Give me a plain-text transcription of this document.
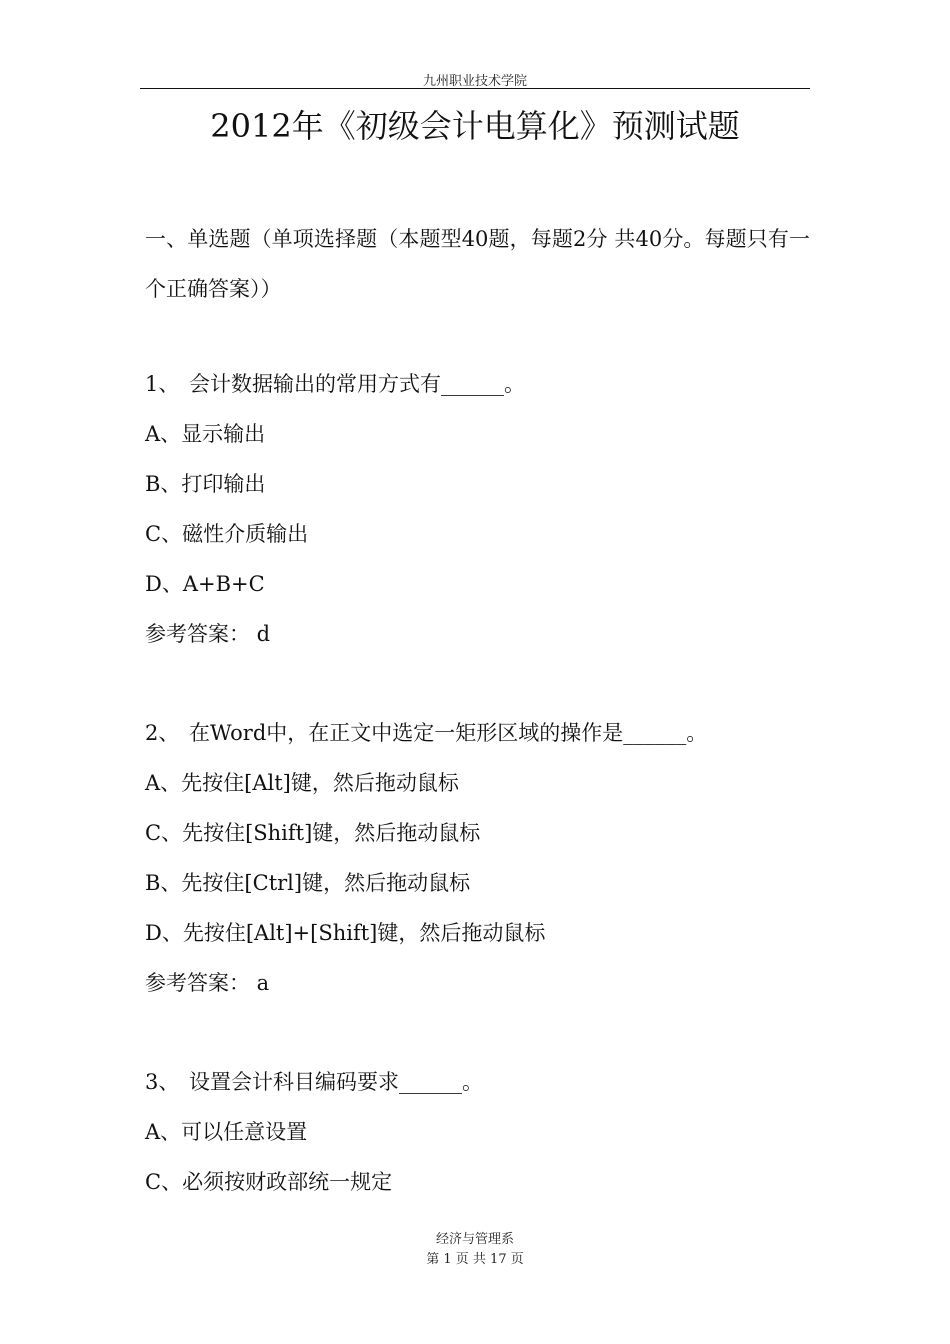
九州职业技术学院
2012年《初级会计电算化》预测试题
一、单选题（单项选择题（本题型40题，每题2分 共40分。每题只有一个正确答案））
1、 会计数据输出的常用方式有______。
A、显示输出
B、打印输出
C、磁性介质输出
D、A+B+C
参考答案： d
2、 在Word中，在正文中选定一矩形区域的操作是______。
A、先按住[Alt]键，然后拖动鼠标
C、先按住[Shift]键，然后拖动鼠标
B、先按住[Ctrl]键，然后拖动鼠标
D、先按住[Alt]+[Shift]键，然后拖动鼠标
参考答案： a
3、 设置会计科目编码要求______。
A、可以任意设置
C、必须按财政部统一规定
经济与管理系
第 1 页 共 17 页
